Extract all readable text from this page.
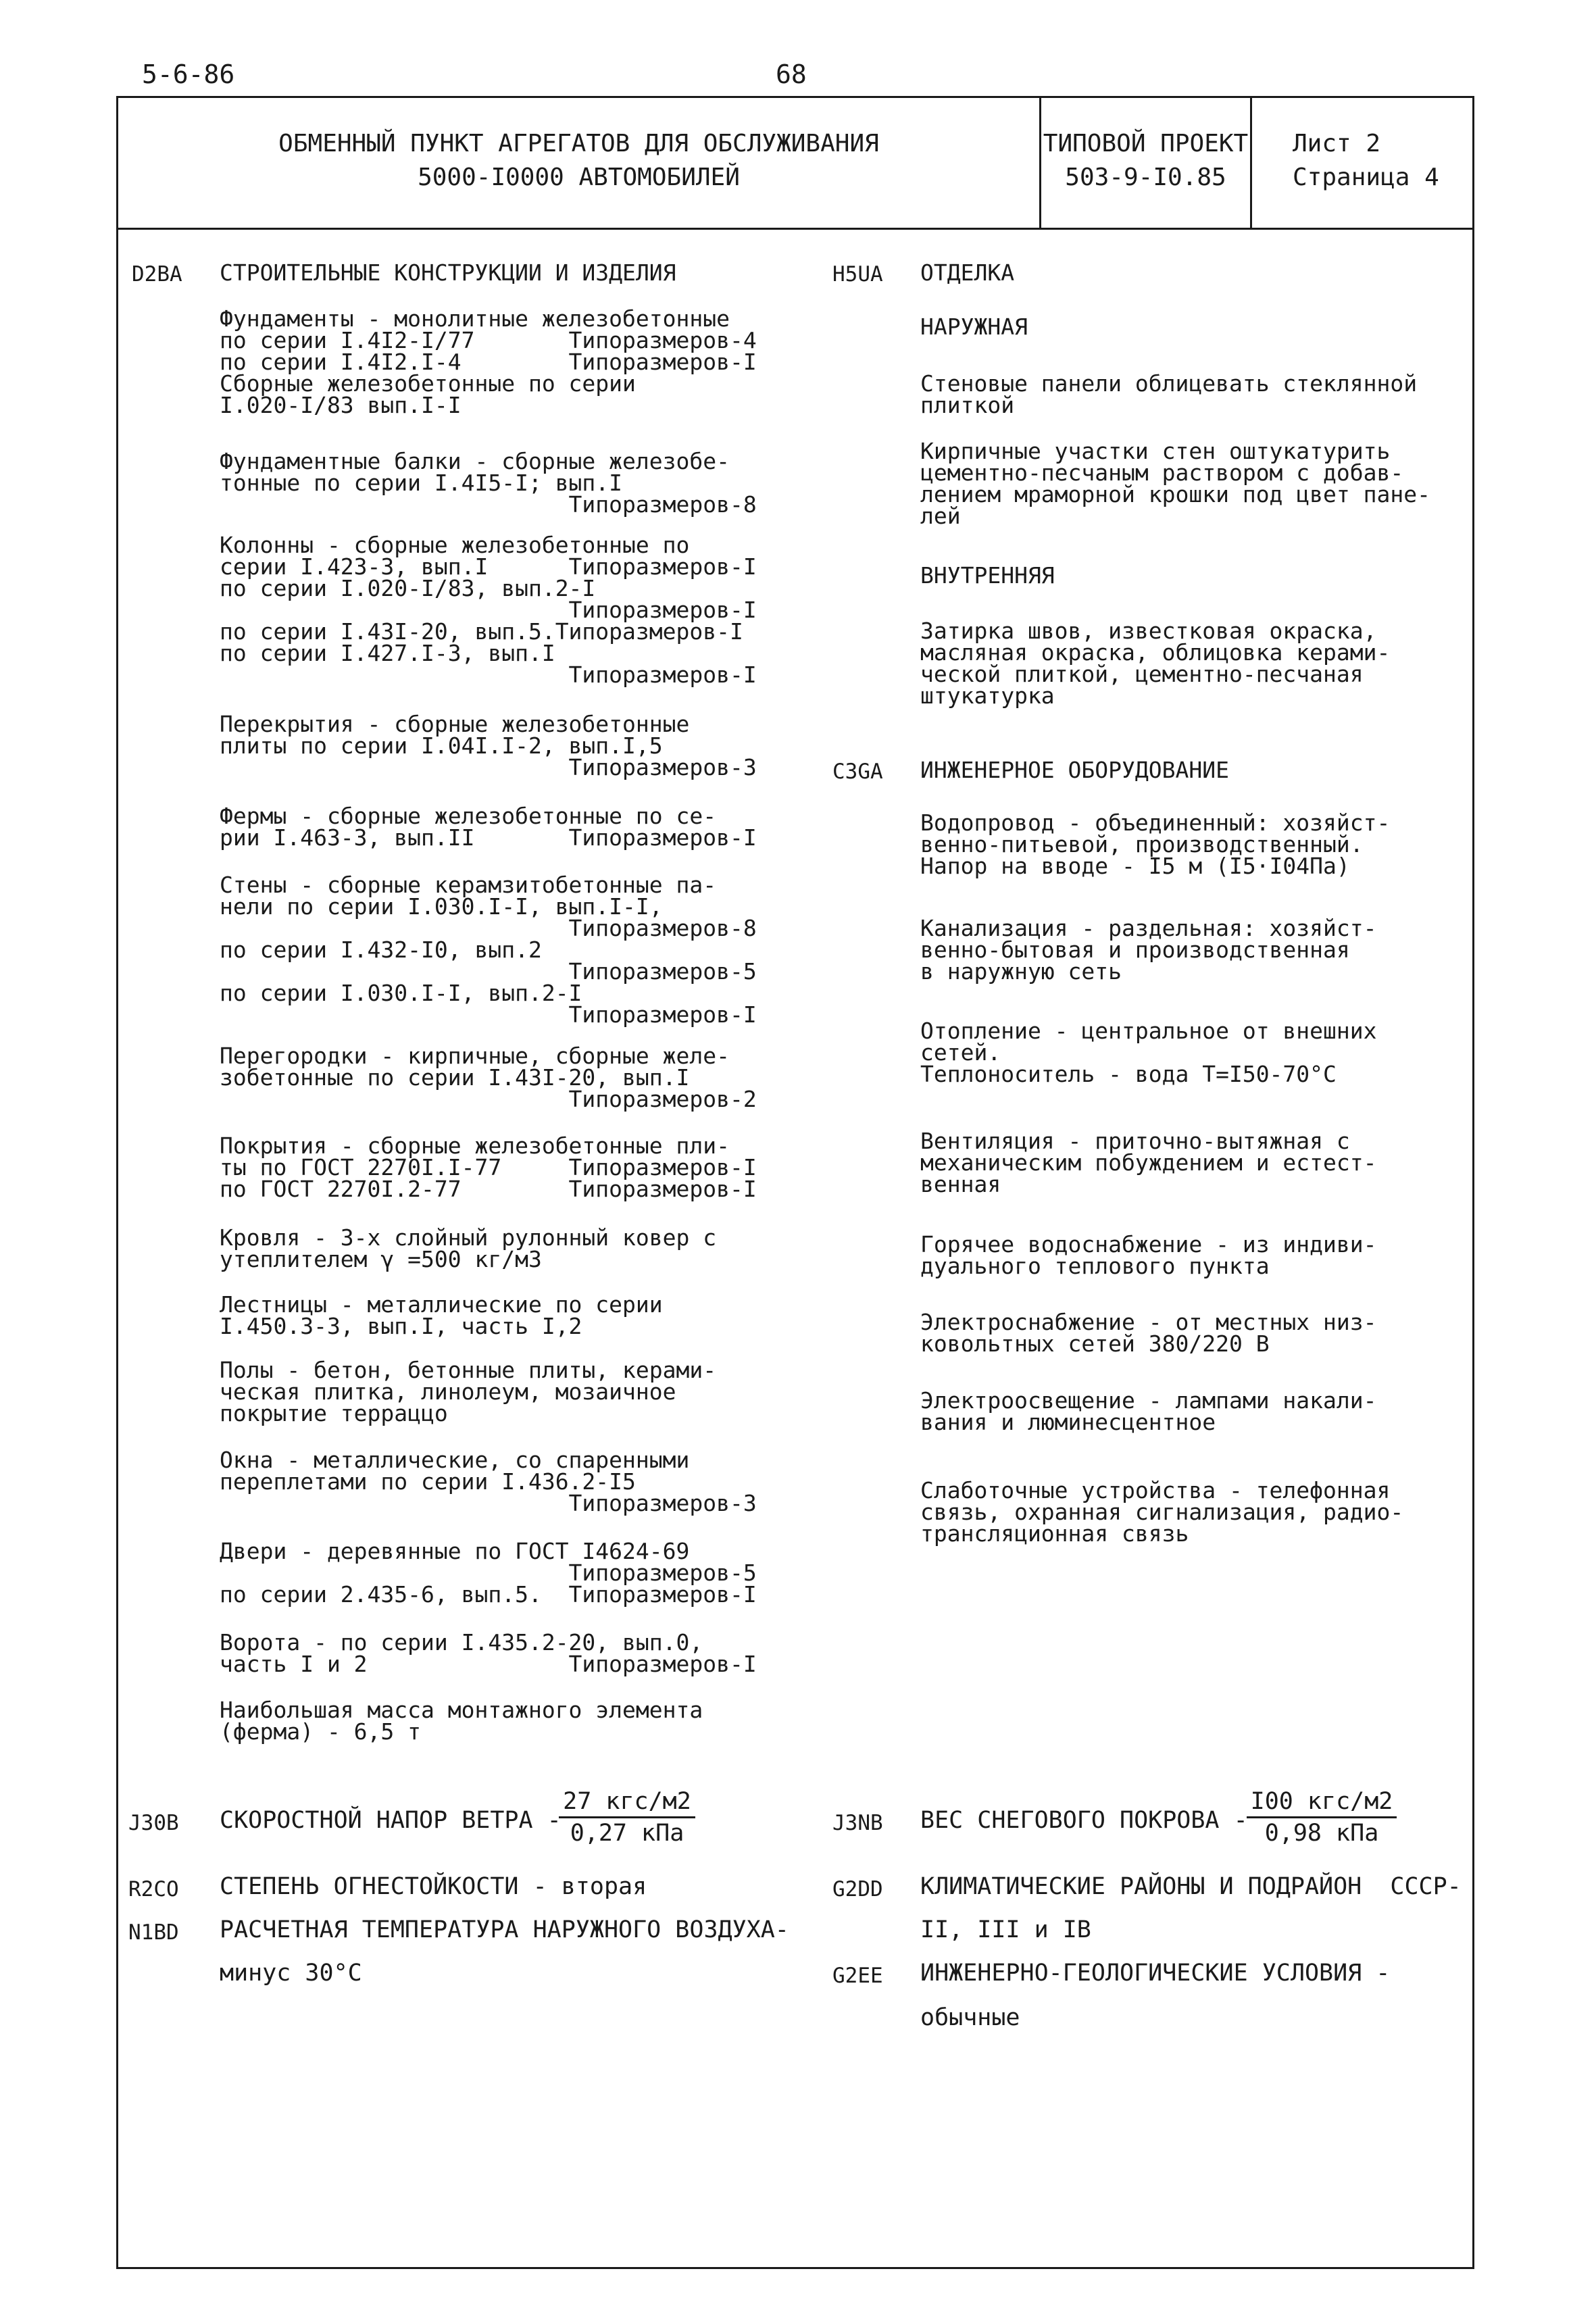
5-6-86	68
ОБМЕННЫЙ ПУНКТ АГРЕГАТОВ ДЛЯ ОБСЛУЖИВАНИЯ
5000-I0000 АВТОМОБИЛЕЙ
ТИПОВОЙ ПРОЕКТ
503-9-I0.85
Лист 2
Страница 4
D2BA СТРОИТЕЛЬНЫЕ КОНСТРУКЦИИ И ИЗДЕЛИЯ
Фундаменты - монолитные железобетонные
по серии I.4I2-I/77       Типоразмеров-4
по серии I.4I2.I-4        Типоразмеров-I
Сборные железобетонные по серии
I.020-I/83 вып.I-I
Фундаментные балки - сборные железобе-
тонные по серии I.4I5-I; вып.I
Типоразмеров-8
Колонны - сборные железобетонные по
серии I.423-3, вып.I      Типоразмеров-I
по серии I.020-I/83, вып.2-I
Типоразмеров-I
по серии I.43I-20, вып.5.Типоразмеров-I
по серии I.427.I-3, вып.I
Типоразмеров-I
Перекрытия - сборные железобетонные
плиты по серии I.04I.I-2, вып.I,5
Типоразмеров-3
Фермы - сборные железобетонные по се-
рии I.463-3, вып.II       Типоразмеров-I
Стены - сборные керамзитобетонные па-
нели по серии I.030.I-I, вып.I-I,
Типоразмеров-8
по серии I.432-I0, вып.2
Типоразмеров-5
по серии I.030.I-I, вып.2-I
Типоразмеров-I
Перегородки - кирпичные, сборные желе-
зобетонные по серии I.43I-20, вып.I
Типоразмеров-2
Покрытия - сборные железобетонные пли-
ты по ГОСТ 2270I.I-77     Типоразмеров-I
по ГОСТ 2270I.2-77        Типоразмеров-I
Кровля - 3-х слойный рулонный ковер с
утеплителем γ =500 кг/м3
Лестницы - металлические по серии
I.450.3-3, вып.I, часть I,2
Полы - бетон, бетонные плиты, керами-
ческая плитка, линолеум, мозаичное
покрытие терраццо
Окна - металлические, со спаренными
переплетами по серии I.436.2-I5
Типоразмеров-3
Двери - деревянные по ГОСТ I4624-69
Типоразмеров-5
по серии 2.435-6, вып.5.  Типоразмеров-I
Ворота - по серии I.435.2-20, вып.0,
часть I и 2               Типоразмеров-I
Наибольшая масса монтажного элемента
(ферма) - 6,5 т
H5UA ОТДЕЛКА
НАРУЖНАЯ
Стеновые панели облицевать стеклянной
плиткой
Кирпичные участки стен оштукатурить
цементно-песчаным раствором с добав-
лением мраморной крошки под цвет пане-
лей
ВНУТРЕННЯЯ
Затирка швов, известковая окраска,
масляная окраска, облицовка керами-
ческой плиткой, цементно-песчаная
штукатурка
C3GA ИНЖЕНЕРНОЕ ОБОРУДОВАНИЕ
Водопровод - объединенный: хозяйст-
венно-питьевой, производственный.
Напор на вводе - I5 м (I5·I04Па)
Канализация - раздельная: хозяйст-
венно-бытовая и производственная
в наружную сеть
Отопление - центральное от внешних
сетей.
Теплоноситель - вода Т=I50-70°С
Вентиляция - приточно-вытяжная с
механическим побуждением и естест-
венная
Горячее водоснабжение - из индиви-
дуального теплового пункта
Электроснабжение - от местных низ-
ковольтных сетей 380/220 В
Электроосвещение - лампами накали-
вания и люминесцентное
Слаботочные устройства - телефонная
связь, охранная сигнализация, радио-
трансляционная связь
J30B СКОРОСТНОЙ НАПОР ВЕТРА -
27 кгс/м2
0,27 кПа
R2CO СТЕПЕНЬ ОГНЕСТОЙКОСТИ - вторая
N1BD РАСЧЕТНАЯ ТЕМПЕРАТУРА НАРУЖНОГО ВОЗДУХА-
минус 30°С
J3NB ВЕС СНЕГОВОГО ПОКРОВА -
I00 кгс/м2
0,98 кПа
G2DD КЛИМАТИЧЕСКИЕ РАЙОНЫ И ПОДРАЙОН  СССР-
II, III и IВ
G2EE ИНЖЕНЕРНО-ГЕОЛОГИЧЕСКИЕ УСЛОВИЯ -
обычные
